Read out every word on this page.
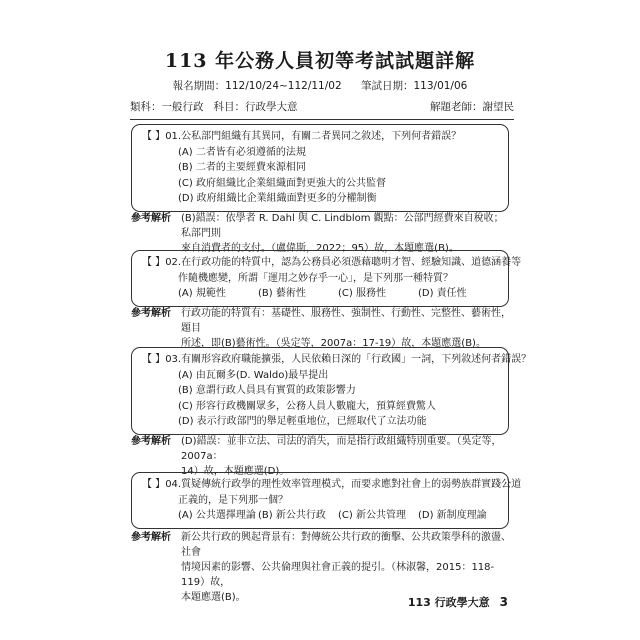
113 年公務人員初等考試試題詳解
報名期間：112/10/24~112/11/02 筆試日期：113/01/06
類科：一般行政 科目：行政學大意	解題老師：謝望民
【 】01.公私部門組織有其異同，有關二者異同之敘述，下列何者錯誤？
(A) 二者皆有必須遵循的法規
(B) 二者的主要經費來源相同
(C) 政府組織比企業組織面對更強大的公共監督
(D) 政府組織比企業組織面對更多的分權制衡
參考解析 (B)錯誤：依學者 R. Dahl 與 C. Lindblom 觀點：公部門經費來自稅收；私部門則
來自消費者的支付。（盧偉斯，2022；95）故，本題應選(B)。
【 】02.在行政功能的特質中，認為公務員必須憑藉聰明才智、經驗知識、道德涵養等
作隨機應變，所謂「運用之妙存乎一心」，是下列那一種特質？
(A) 規範性	(B) 藝術性	(C) 服務性	(D) 責任性
參考解析 行政功能的特質有：基礎性、服務性、強制性、行動性、完整性、藝術性，題目
所述，即(B)藝術性。（吳定等，2007a：17-19）故，本題應選(B)。
【 】03.有關形容政府職能擴張，人民依賴日深的「行政國」一詞，下列敘述何者錯誤？
(A) 由瓦爾多(D. Waldo)最早提出
(B) 意謂行政人員具有實質的政策影響力
(C) 形容行政機關眾多，公務人員人數龐大，預算經費驚人
(D) 表示行政部門的舉足輕重地位，已經取代了立法功能
參考解析 (D)錯誤：並非立法、司法的消失，而是指行政組織特別重要。（吳定等，2007a：
14）故，本題應選(D)。
【 】04.質疑傳統行政學的理性效率管理模式，而要求應對社會上的弱勢族群實踐公道
正義的，是下列那一個？
(A) 公共選擇理論 (B) 新公共行政 (C) 新公共管理 (D) 新制度理論
參考解析 新公共行政的興起背景有：對傳統公共行政的衝擊、公共政策學科的激盪、社會
情境因素的影響、公共倫理與社會正義的提引。（林淑馨，2015：118-119）故，
本題應選(B)。	113 行政學大意 3
